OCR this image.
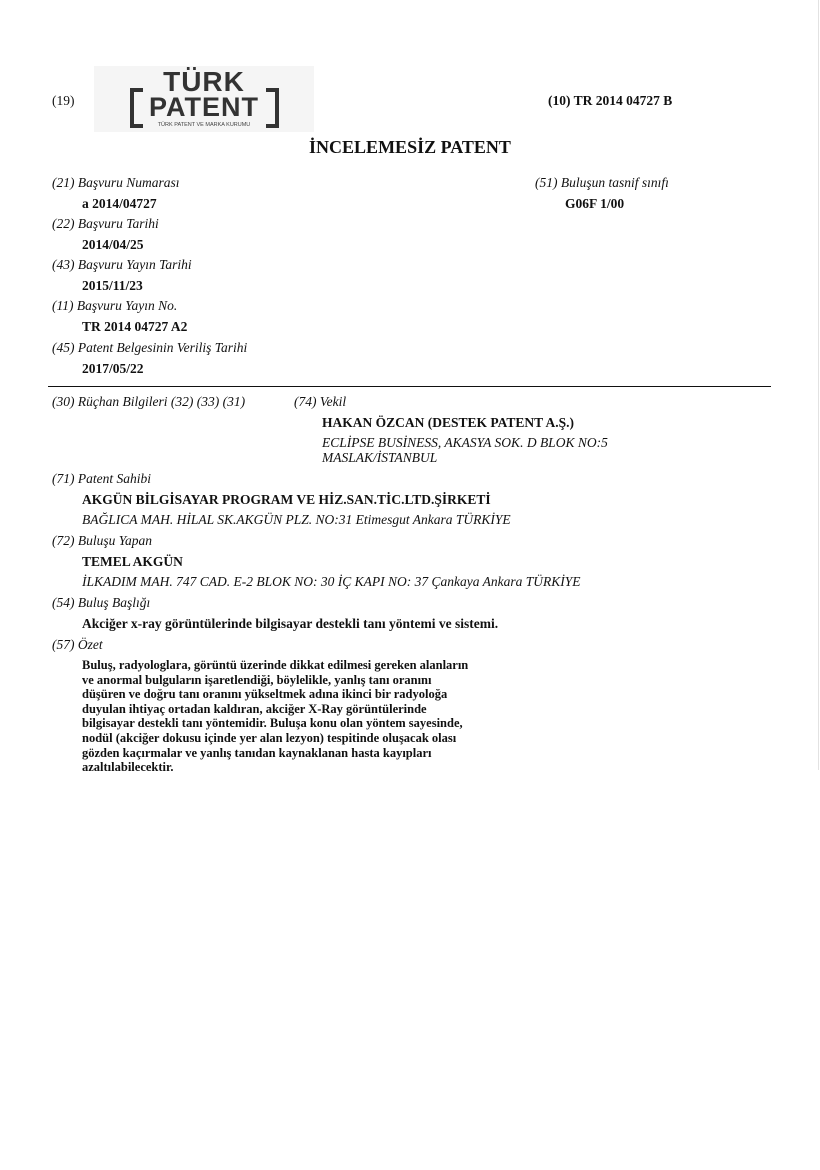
(19)
TÜRK
PATENT
TÜRK PATENT VE MARKA KURUMU
(10) TR 2014 04727 B
İNCELEMESİZ PATENT
(21) Başvuru Numarası
a 2014/04727
(22) Başvuru Tarihi
2014/04/25
(43) Başvuru Yayın Tarihi
2015/11/23
(11) Başvuru Yayın No.
TR 2014 04727 A2
(45) Patent Belgesinin Veriliş Tarihi
2017/05/22
(51) Buluşun tasnif sınıfı
G06F 1/00
(30) Rüçhan Bilgileri (32) (33) (31)	(74) Vekil
HAKAN ÖZCAN (DESTEK PATENT A.Ş.)
ECLİPSE BUSİNESS, AKASYA SOK. D BLOK NO:5
MASLAK/İSTANBUL
(71) Patent Sahibi
AKGÜN BİLGİSAYAR PROGRAM VE HİZ.SAN.TİC.LTD.ŞİRKETİ
BAĞLICA MAH. HİLAL SK.AKGÜN PLZ. NO:31 Etimesgut Ankara TÜRKİYE
(72) Buluşu Yapan
TEMEL AKGÜN
İLKADIM MAH. 747 CAD. E-2 BLOK NO: 30 İÇ KAPI NO: 37 Çankaya Ankara TÜRKİYE
(54) Buluş Başlığı
Akciğer x-ray görüntülerinde bilgisayar destekli tanı yöntemi ve sistemi.
(57) Özet
Buluş, radyologlara, görüntü üzerinde dikkat edilmesi gereken alanların
ve anormal bulguların işaretlendiği, böylelikle, yanlış tanı oranını
düşüren ve doğru tanı oranını yükseltmek adına ikinci bir radyoloğa
duyulan ihtiyaç ortadan kaldıran, akciğer X-Ray görüntülerinde
bilgisayar destekli tanı yöntemidir. Buluşa konu olan yöntem sayesinde,
nodül (akciğer dokusu içinde yer alan lezyon) tespitinde oluşacak olası
gözden kaçırmalar ve yanlış tanıdan kaynaklanan hasta kayıpları
azaltılabilecektir.
